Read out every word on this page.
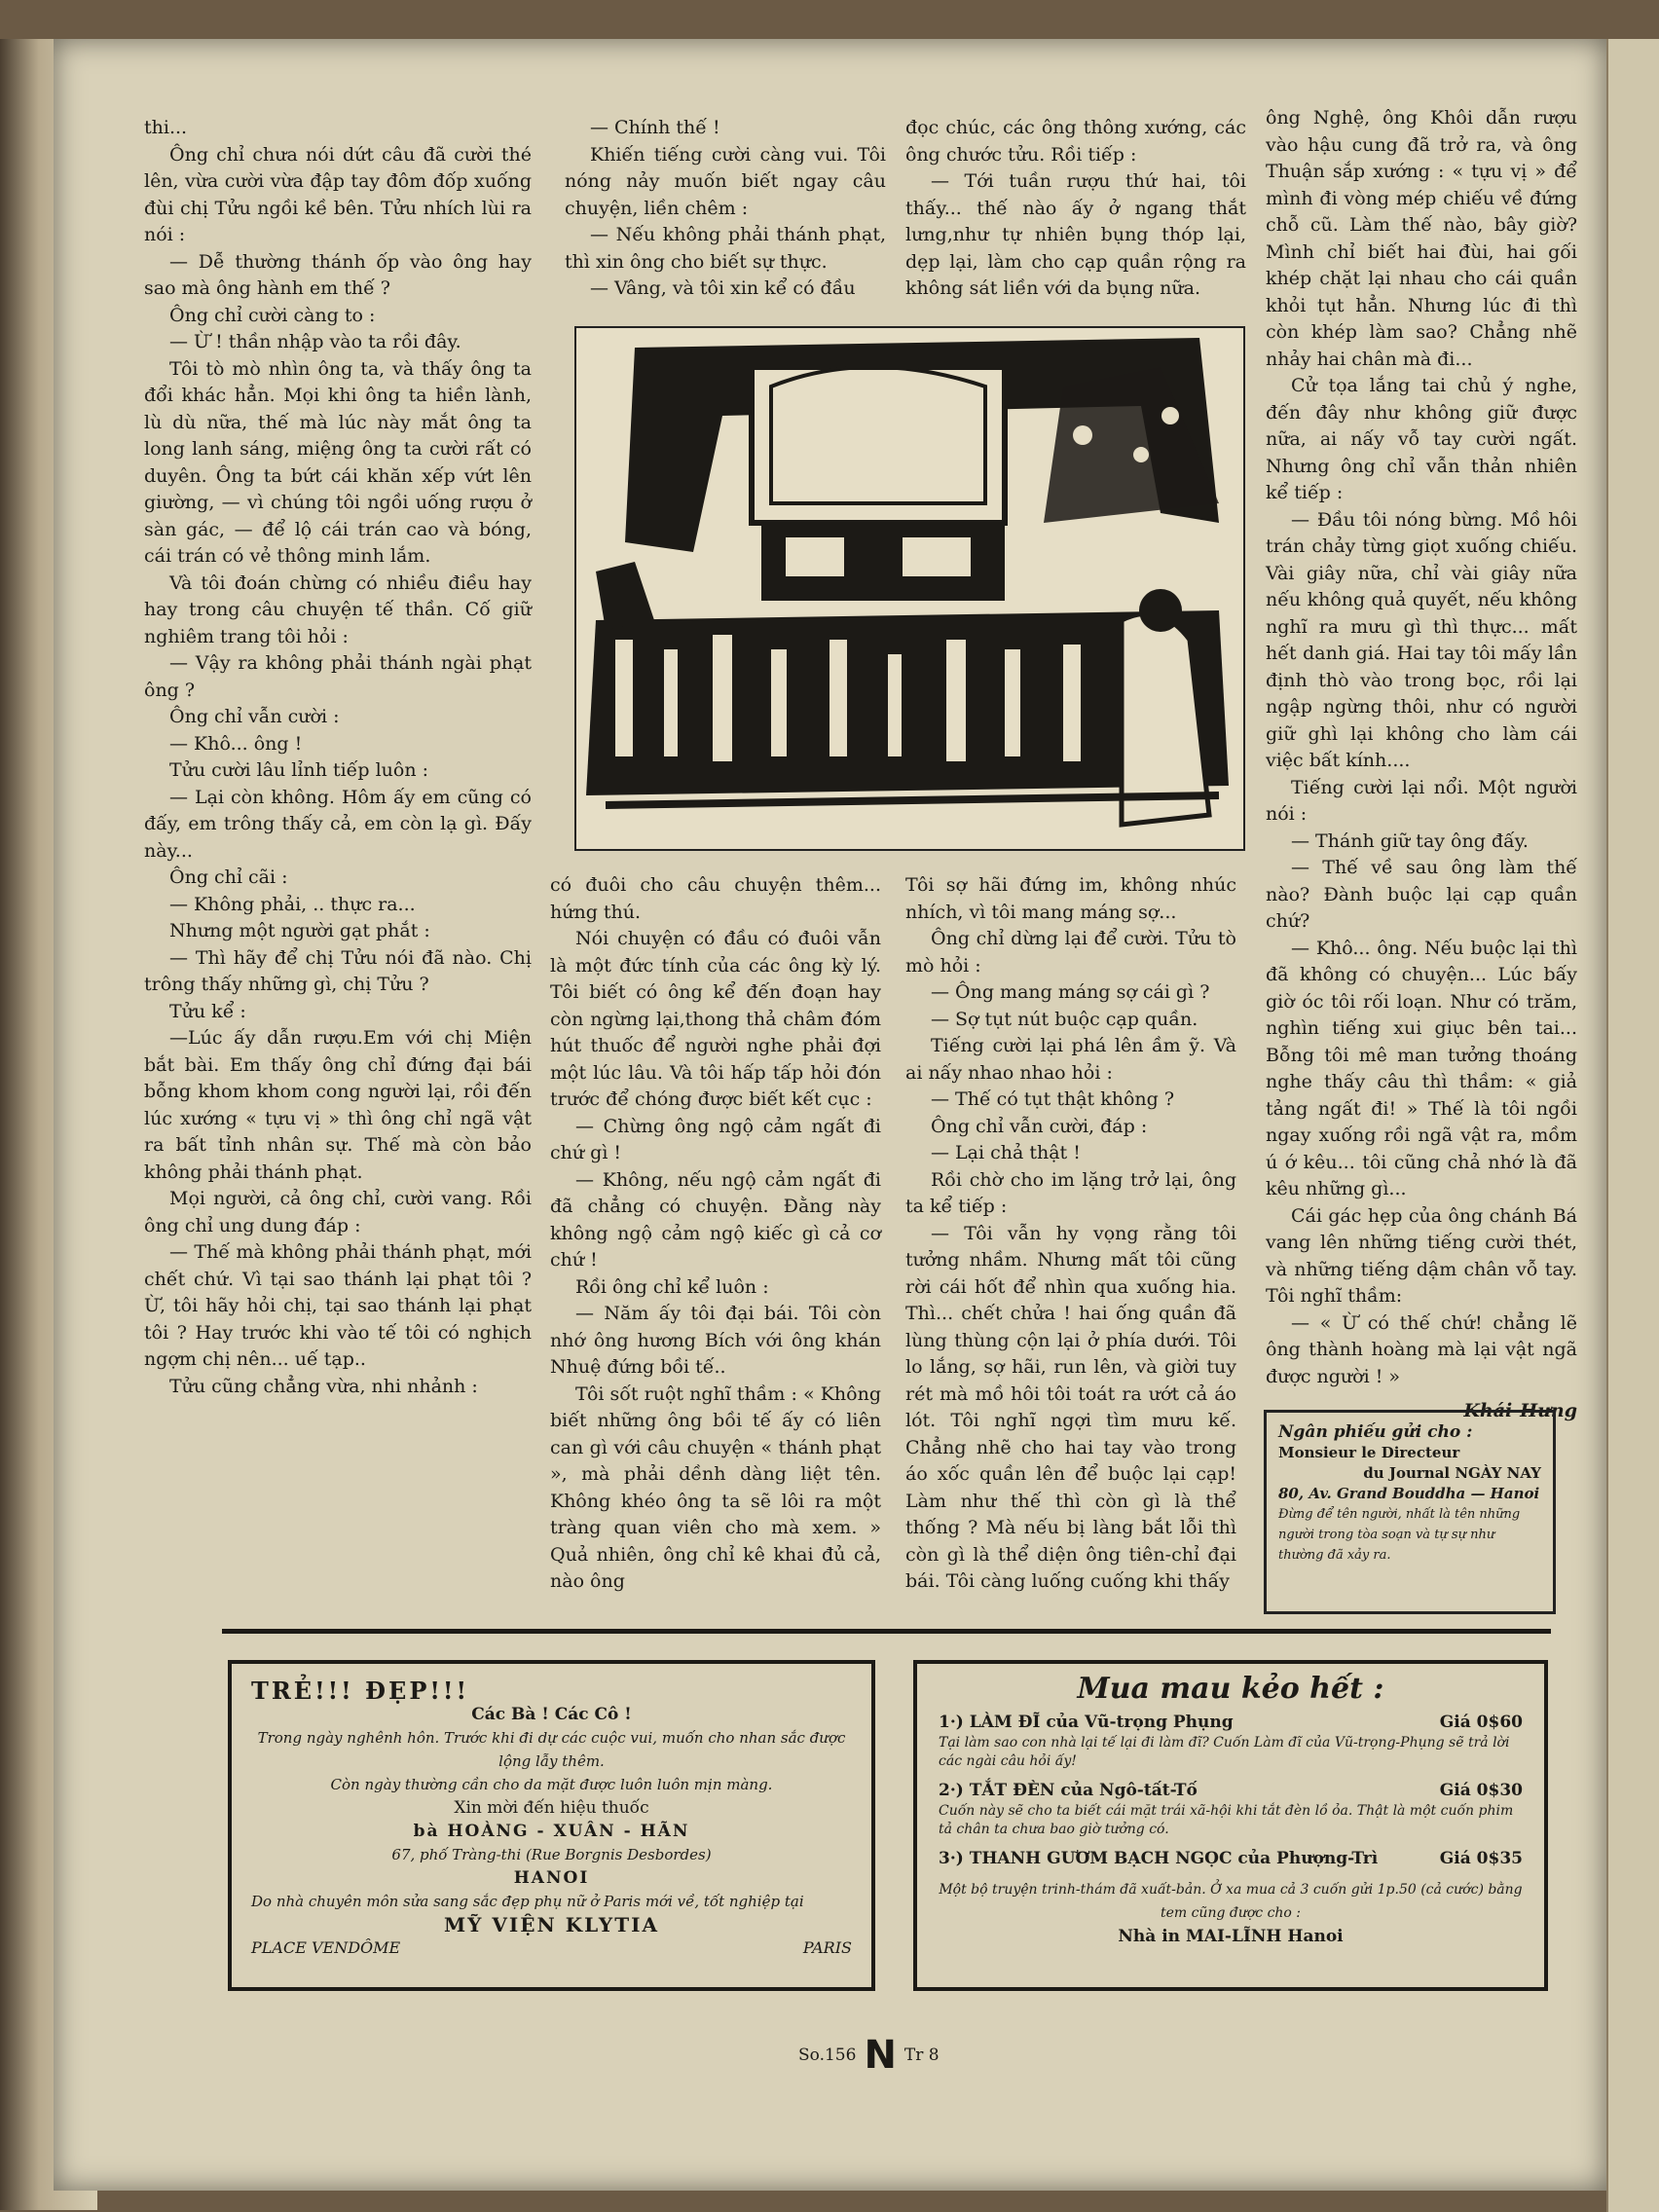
thi...

Ông chỉ chưa nói dứt câu đã cười thé lên, vừa cười vừa đập tay đôm đốp xuống đùi chị Tửu ngồi kề bên. Tửu nhích lùi ra nói :

— Dễ thường thánh ốp vào ông hay sao mà ông hành em thế ?

Ông chỉ cười càng to :

— Ừ ! thần nhập vào ta rồi đây.

Tôi tò mò nhìn ông ta, và thấy ông ta đổi khác hẳn. Mọi khi ông ta hiền lành, lù dù nữa, thế mà lúc này mắt ông ta long lanh sáng, miệng ông ta cười rất có duyên. Ông ta bứt cái khăn xếp vứt lên giường, — vì chúng tôi ngồi uống rượu ở sàn gác, — để lộ cái trán cao và bóng, cái trán có vẻ thông minh lắm.

Và tôi đoán chừng có nhiều điều hay hay trong câu chuyện tế thần. Cố giữ nghiêm trang tôi hỏi :

— Vậy ra không phải thánh ngài phạt ông ?

Ông chỉ vẫn cười :

— Khô... ông !

Tửu cười lâu lỉnh tiếp luôn :

— Lại còn không. Hôm ấy em cũng có đấy, em trông thấy cả, em còn lạ gì. Đấy này...

Ông chỉ cãi :

— Không phải, .. thực ra...

Nhưng một người gạt phắt :

— Thì hãy để chị Tửu nói đã nào. Chị trông thấy những gì, chị Tửu ?

Tửu kể :

—Lúc ấy dẫn rượu.Em với chị Miện bắt bài. Em thấy ông chỉ đứng đại bái bỗng khom khom cong người lại, rồi đến lúc xướng « tựu vị » thì ông chỉ ngã vật ra bất tỉnh nhân sự. Thế mà còn bảo không phải thánh phạt.

Mọi người, cả ông chỉ, cười vang. Rồi ông chỉ ung dung đáp :

— Thế mà không phải thánh phạt, mới chết chứ. Vì tại sao thánh lại phạt tôi ? Ừ, tôi hãy hỏi chị, tại sao thánh lại phạt tôi ? Hay trước khi vào tế tôi có nghịch ngợm chị nên... uế tạp..

Tửu cũng chẳng vừa, nhi nhảnh :

— Chính thế !

Khiến tiếng cười càng vui. Tôi nóng nảy muốn biết ngay câu chuyện, liền chêm :

— Nếu không phải thánh phạt, thì xin ông cho biết sự thực.

— Vâng, và tôi xin kể có đầu

đọc chúc, các ông thông xướng, các ông chước tửu. Rồi tiếp :

— Tới tuần rượu thứ hai, tôi thấy... thế nào ấy ở ngang thắt lưng,như tự nhiên bụng thóp lại, dẹp lại, làm cho cạp quần rộng ra không sát liền với da bụng nữa.

có đuôi cho câu chuyện thêm... hứng thú.

Nói chuyện có đầu có đuôi vẫn là một đức tính của các ông kỳ lý. Tôi biết có ông kể đến đoạn hay còn ngừng lại,thong thả châm đóm hút thuốc để người nghe phải đợi một lúc lâu. Và tôi hấp tấp hỏi đón trước để chóng được biết kết cục :

— Chừng ông ngộ cảm ngất đi chứ gì !

— Không, nếu ngộ cảm ngất đi đã chẳng có chuyện. Đằng này không ngộ cảm ngộ kiếc gì cả cơ chứ !

Rồi ông chỉ kể luôn :

— Năm ấy tôi đại bái. Tôi còn nhớ ông hương Bích với ông khán Nhuệ đứng bồi tế..

Tôi sốt ruột nghĩ thầm : « Không biết những ông bồi tế ấy có liên can gì với câu chuyện « thánh phạt », mà phải dềnh dàng liệt tên. Không khéo ông ta sẽ lôi ra một tràng quan viên cho mà xem. » Quả nhiên, ông chỉ kê khai đủ cả, nào ông

Tôi sợ hãi đứng im, không nhúc nhích, vì tôi mang máng sợ...

Ông chỉ dừng lại để cười. Tửu tò mò hỏi :

— Ông mang máng sợ cái gì ?

— Sợ tụt nút buộc cạp quần.

Tiếng cười lại phá lên ầm ỹ. Và ai nấy nhao nhao hỏi :

— Thế có tụt thật không ?

Ông chỉ vẫn cười, đáp :

— Lại chả thật !

Rồi chờ cho im lặng trở lại, ông ta kể tiếp :

— Tôi vẫn hy vọng rằng tôi tưởng nhầm. Nhưng mất tôi cũng rời cái hốt để nhìn qua xuống hia. Thì... chết chửa ! hai ống quần đã lùng thùng cộn lại ở phía dưới. Tôi lo lắng, sợ hãi, run lên, và giời tuy rét mà mồ hôi tôi toát ra ướt cả áo lót. Tôi nghĩ ngợi tìm mưu kế. Chẳng nhẽ cho hai tay vào trong áo xốc quần lên để buộc lại cạp! Làm như thế thì còn gì là thể thống ? Mà nếu bị làng bắt lỗi thì còn gì là thể diện ông tiên-chỉ đại bái. Tôi càng luống cuống khi thấy

ông Nghệ, ông Khôi dẫn rượu vào hậu cung đã trở ra, và ông Thuận sắp xướng : « tựu vị » để mình đi vòng mép chiếu về đứng chỗ cũ. Làm thế nào, bây giờ? Mình chỉ biết hai đùi, hai gối khép chặt lại nhau cho cái quần khỏi tụt hẳn. Nhưng lúc đi thì còn khép làm sao? Chẳng nhẽ nhảy hai chân mà đi...

Cử tọa lắng tai chủ ý nghe, đến đây như không giữ được nữa, ai nấy vỗ tay cười ngất. Nhưng ông chỉ vẫn thản nhiên kể tiếp :

— Đầu tôi nóng bừng. Mồ hôi trán chảy từng giọt xuống chiếu. Vài giây nữa, chỉ vài giây nữa nếu không quả quyết, nếu không nghĩ ra mưu gì thì thực... mất hết danh giá. Hai tay tôi mấy lần định thò vào trong bọc, rồi lại ngập ngừng thôi, như có người giữ ghì lại không cho làm cái việc bất kính....

Tiếng cười lại nổi. Một người nói :

— Thánh giữ tay ông đấy.

— Thế về sau ông làm thế nào? Đành buộc lại cạp quần chứ?

— Khô... ông. Nếu buộc lại thì đã không có chuyện... Lúc bấy giờ óc tôi rối loạn. Như có trăm, nghìn tiếng xui giục bên tai... Bỗng tôi mê man tưởng thoáng nghe thấy câu thì thầm: « giả tảng ngất đi! » Thế là tôi ngồi ngay xuống rồi ngã vật ra, mồm ú ớ kêu... tôi cũng chả nhớ là đã kêu những gì...

Cái gác hẹp của ông chánh Bá vang lên những tiếng cười thét, và những tiếng dậm chân vỗ tay. Tôi nghĩ thầm:

— « Ừ có thế chứ! chẳng lẽ ông thành hoàng mà lại vật ngã được người ! »

Khái-Hưng
Ngân phiếu gửi cho :
Monsieur le Directeur
du Journal NGÀY NAY
80, Av. Grand Bouddha — Hanoi
Đừng để tên người, nhất là tên những người trong tòa soạn và tự sự như thường đã xảy ra.
TRẺ!!! ĐẸP!!!
Các Bà ! Các Cô !
Trong ngày nghênh hôn. Trước khi đi dự các cuộc vui, muốn cho nhan sắc được lộng lẫy thêm.
Còn ngày thường cần cho da mặt được luôn luôn mịn màng.
Xin mời đến hiệu thuốc
bà HOÀNG - XUÂN - HÃN
67, phố Tràng-thi (Rue Borgnis Desbordes)
HANOI
Do nhà chuyên môn sửa sang sắc đẹp phụ nữ ở Paris mới về, tốt nghiệp tại
MỸ VIỆN KLYTIA
PLACE VENDÔME	PARIS
Mua mau kẻo hết :
1·) LÀM ĐĨ của Vũ-trọng Phụng	Giá 0$60
Tại làm sao con nhà lại tế lại đi làm đĩ? Cuốn Làm đĩ của Vũ-trọng-Phụng sẽ trả lời các ngài câu hỏi ấy!
2·) TẮT ĐÈN của Ngô-tất-Tố	Giá 0$30
Cuốn này sẽ cho ta biết cái mặt trái xã-hội khi tắt đèn lồ ỏa. Thật là một cuốn phim tả chân ta chưa bao giờ tưởng có.
3·) THANH GƯƠM BẠCH NGỌC của Phượng-Trì	Giá 0$35
Một bộ truyện trinh-thám đã xuất-bản. Ở xa mua cả 3 cuốn gửi 1p.50 (cả cước) bằng tem cũng được cho :
Nhà in MAI-LĨNH Hanoi
So.156 N Tr 8
